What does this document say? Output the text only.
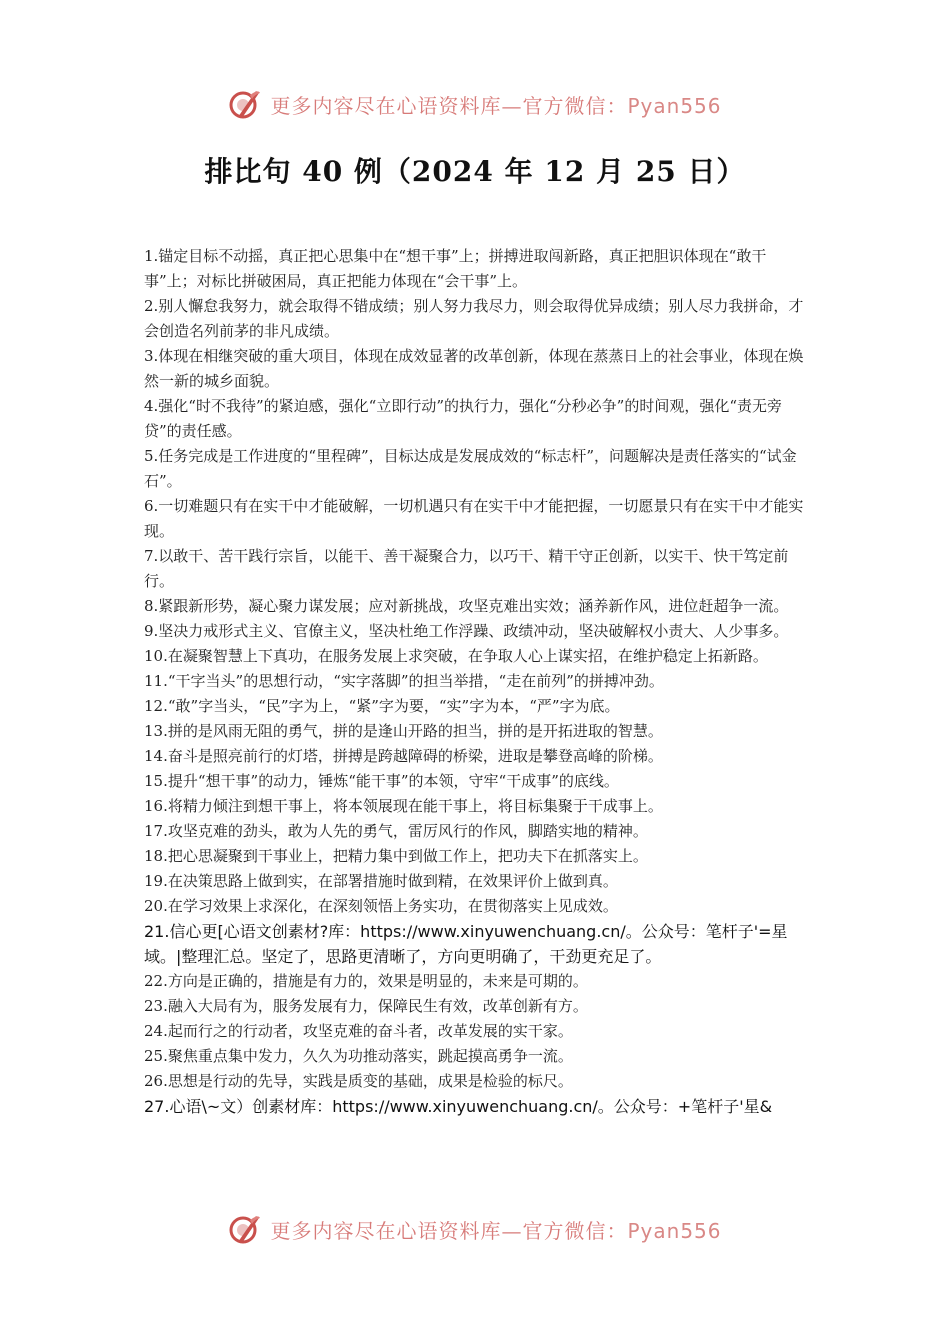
更多内容尽在心语资料库—官方微信：Pyan556
排比句 40 例（2024 年 12 月 25 日）

1.锚定目标不动摇，真正把心思集中在“想干事”上；拼搏进取闯新路，真正把胆识体现在“敢干事”上；对标比拼破困局，真正把能力体现在“会干事”上。

2.别人懈怠我努力，就会取得不错成绩；别人努力我尽力，则会取得优异成绩；别人尽力我拼命，才会创造名列前茅的非凡成绩。

3.体现在相继突破的重大项目，体现在成效显著的改革创新，体现在蒸蒸日上的社会事业，体现在焕然一新的城乡面貌。

4.强化“时不我待”的紧迫感，强化“立即行动”的执行力，强化“分秒必争”的时间观，强化“责无旁贷”的责任感。

5.任务完成是工作进度的“里程碑”，目标达成是发展成效的“标志杆”，问题解决是责任落实的“试金石”。

6.一切难题只有在实干中才能破解，一切机遇只有在实干中才能把握，一切愿景只有在实干中才能实现。

7.以敢干、苦干践行宗旨，以能干、善干凝聚合力，以巧干、精干守正创新，以实干、快干笃定前行。

8.紧跟新形势，凝心聚力谋发展；应对新挑战，攻坚克难出实效；涵养新作风，进位赶超争一流。

9.坚决力戒形式主义、官僚主义，坚决杜绝工作浮躁、政绩冲动，坚决破解权小责大、人少事多。

10.在凝聚智慧上下真功，在服务发展上求突破，在争取人心上谋实招，在维护稳定上拓新路。

11.“干字当头”的思想行动，“实字落脚”的担当举措，“走在前列”的拼搏冲劲。

12.“敢”字当头，“民”字为上，“紧”字为要，“实”字为本，“严”字为底。

13.拼的是风雨无阻的勇气，拼的是逢山开路的担当，拼的是开拓进取的智慧。

14.奋斗是照亮前行的灯塔，拼搏是跨越障碍的桥梁，进取是攀登高峰的阶梯。

15.提升“想干事”的动力，锤炼“能干事”的本领，守牢“干成事”的底线。

16.将精力倾注到想干事上，将本领展现在能干事上，将目标集聚于干成事上。

17.攻坚克难的劲头，敢为人先的勇气，雷厉风行的作风，脚踏实地的精神。

18.把心思凝聚到干事业上，把精力集中到做工作上，把功夫下在抓落实上。

19.在决策思路上做到实，在部署措施时做到精，在效果评价上做到真。

20.在学习效果上求深化，在深刻领悟上务实功，在贯彻落实上见成效。

21.信心更[心语文创素材?库：https://www.xinyuwenchuang.cn/。公众号：笔杆子'=星域。|整理汇总。坚定了，思路更清晰了，方向更明确了，干劲更充足了。

22.方向是正确的，措施是有力的，效果是明显的，未来是可期的。

23.融入大局有为，服务发展有力，保障民生有效，改革创新有方。

24.起而行之的行动者，攻坚克难的奋斗者，改革发展的实干家。

25.聚焦重点集中发力，久久为功推动落实，跳起摸高勇争一流。

26.思想是行动的先导，实践是质变的基础，成果是检验的标尺。

27.心语\~文）创素材库：https://www.xinyuwenchuang.cn/。公众号：+笔杆子'星&

更多内容尽在心语资料库—官方微信：Pyan556
